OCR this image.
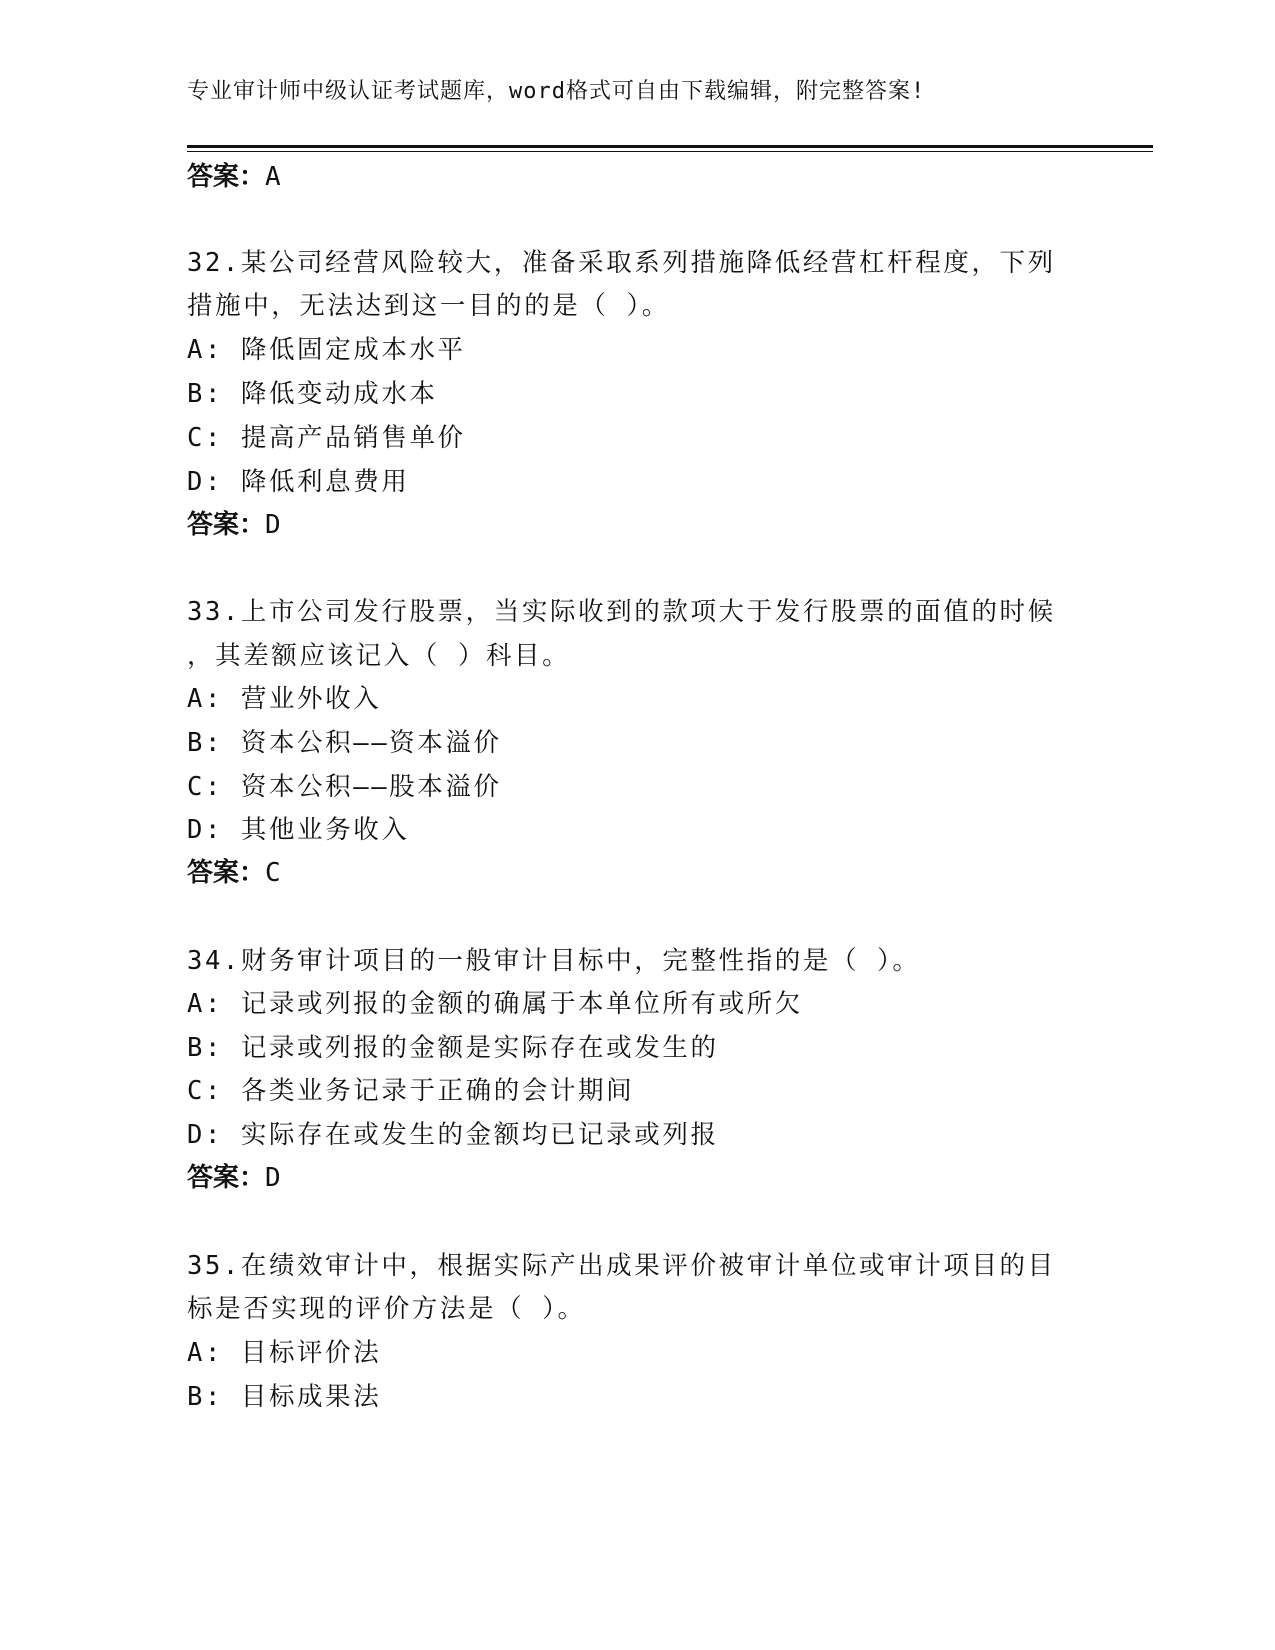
专业审计师中级认证考试题库，word格式可自由下载编辑，附完整答案!
答案：A
32.某公司经营风险较大，准备采取系列措施降低经营杠杆程度，下列
措施中，无法达到这一目的的是（ ）。
A: 降低固定成本水平
B: 降低变动成水本
C: 提高产品销售单价
D: 降低利息费用
答案：D
33.上市公司发行股票，当实际收到的款项大于发行股票的面值的时候
，其差额应该记入（ ）科目。
A: 营业外收入
B: 资本公积——资本溢价
C: 资本公积——股本溢价
D: 其他业务收入
答案：C
34.财务审计项目的一般审计目标中，完整性指的是（ ）。
A: 记录或列报的金额的确属于本单位所有或所欠
B: 记录或列报的金额是实际存在或发生的
C: 各类业务记录于正确的会计期间
D: 实际存在或发生的金额均已记录或列报
答案：D
35.在绩效审计中，根据实际产出成果评价被审计单位或审计项目的目
标是否实现的评价方法是（ ）。
A: 目标评价法
B: 目标成果法
